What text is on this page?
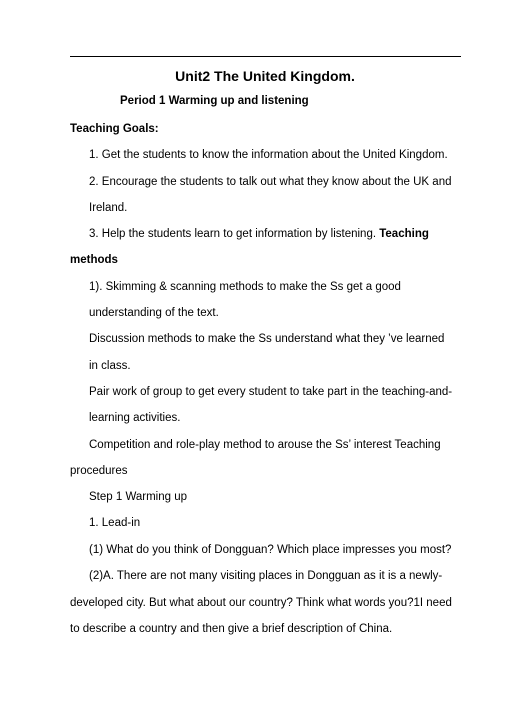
Unit2 The United Kingdom.
Period 1 Warming up and listening
Teaching Goals:
1. Get the students to know the information about the United Kingdom.
2. Encourage the students to talk out what they know about the UK and
Ireland.
3. Help the students learn to get information by listening. Teaching
methods
1). Skimming & scanning methods to make the Ss get a good
understanding of the text.
Discussion methods to make the Ss understand what they ’ve learned
in class.
Pair work of group to get every student to take part in the teaching-and-
learning activities.
Competition and role-play method to arouse the Ss’ interest Teaching
procedures
Step 1 Warming up
1. Lead-in
(1) What do you think of Dongguan? Which place impresses you most?
(2)A. There are not many visiting places in Dongguan as it is a newly-
developed city. But what about our country? Think what words you?1I need
to describe a country and then give a brief description of China.
